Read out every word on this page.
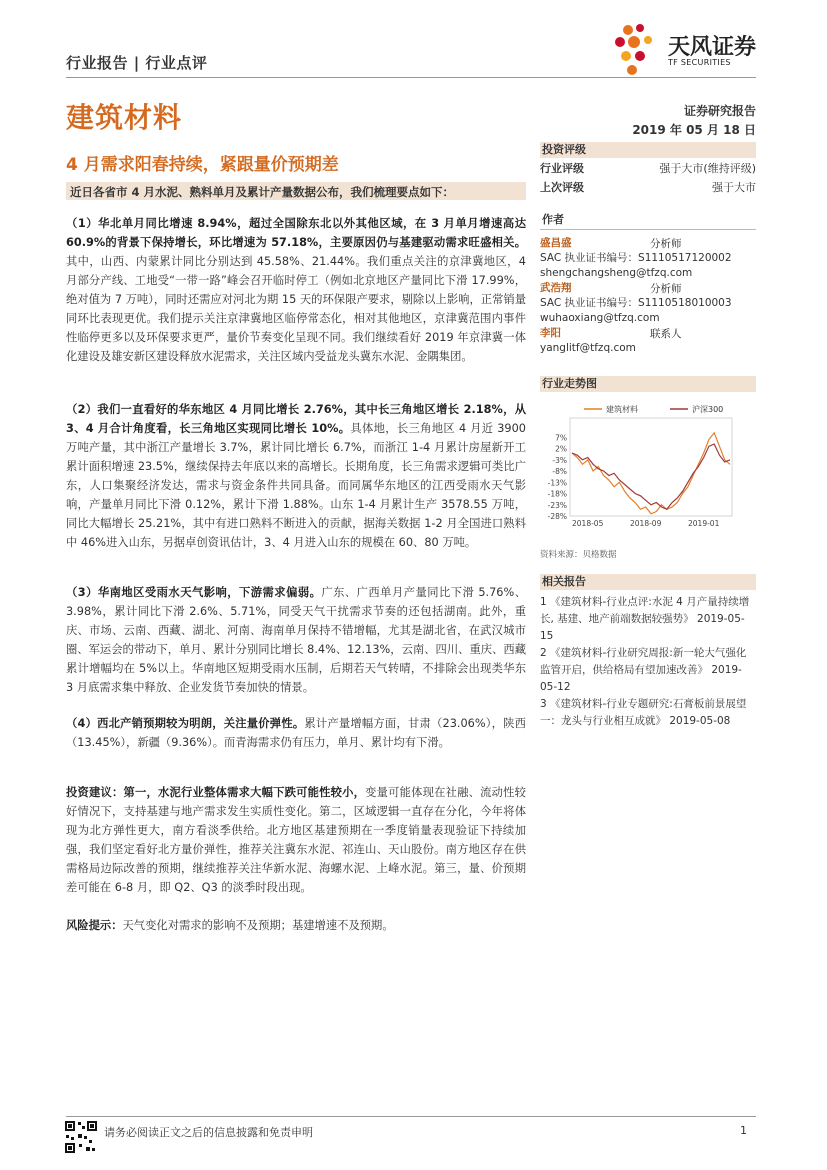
行业报告 | 行业点评
建筑材料
天风证券
TF SECURITIES
证券研究报告
2019 年 05 月 18 日
4 月需求阳春持续，紧跟量价预期差
近日各省市 4 月水泥、熟料单月及累计产量数据公布，我们梳理要点如下：
（1）华北单月同比增速 8.94%，超过全国除东北以外其他区域，在 3 月单月增速高达 60.9%的背景下保持增长，环比增速为 57.18%，主要原因仍与基建驱动需求旺盛相关。其中，山西、内蒙累计同比分别达到 45.58%、21.44%。我们重点关注的京津冀地区，4 月部分产线、工地受“一带一路”峰会召开临时停工（例如北京地区产量同比下滑 17.99%，绝对值为 7 万吨），同时还需应对河北为期 15 天的环保限产要求，剔除以上影响，正常销量同环比表现更优。我们提示关注京津冀地区临停常态化，相对其他地区，京津冀范围内事件性临停更多以及环保要求更严，量价节奏变化呈现不同。我们继续看好 2019 年京津冀一体化建设及雄安新区建设释放水泥需求，关注区域内受益龙头冀东水泥、金隅集团。
（2）我们一直看好的华东地区 4 月同比增长 2.76%，其中长三角地区增长 2.18%，从 3、4 月合计角度看，长三角地区实现同比增长 10%。具体地，长三角地区 4 月近 3900 万吨产量，其中浙江产量增长 3.7%，累计同比增长 6.7%，而浙江 1-4 月累计房屋新开工累计面积增速 23.5%，继续保持去年底以来的高增长。长期角度，长三角需求逻辑可类比广东，人口集聚经济发达，需求与资金条件共同具备。而同属华东地区的江西受雨水天气影响，产量单月同比下滑 0.12%，累计下滑 1.88%。山东 1-4 月累计生产 3578.55 万吨，同比大幅增长 25.21%，其中有进口熟料不断进入的贡献，据海关数据 1-2 月全国进口熟料中 46%进入山东，另据卓创资讯估计，3、4 月进入山东的规模在 60、80 万吨。
（3）华南地区受雨水天气影响，下游需求偏弱。广东、广西单月产量同比下滑 5.76%、3.98%，累计同比下滑 2.6%、5.71%，同受天气干扰需求节奏的还包括湖南。此外，重庆、市场、云南、西藏、湖北、河南、海南单月保持不错增幅，尤其是湖北省，在武汉城市圈、军运会的带动下，单月、累计分别同比增长 8.4%、12.13%，云南、四川、重庆、西藏累计增幅均在 5%以上。华南地区短期受雨水压制，后期若天气转晴，不排除会出现类华东 3 月底需求集中释放、企业发货节奏加快的情景。
（4）西北产销预期较为明朗，关注量价弹性。累计产量增幅方面，甘肃（23.06%），陕西（13.45%），新疆（9.36%）。而青海需求仍有压力，单月、累计均有下滑。
投资建议：第一，水泥行业整体需求大幅下跌可能性较小，变量可能体现在社融、流动性较好情况下，支持基建与地产需求发生实质性变化。第二，区域逻辑一直存在分化，今年将体现为北方弹性更大，南方看淡季供给。北方地区基建预期在一季度销量表现验证下持续加强，我们坚定看好北方量价弹性，推荐关注冀东水泥、祁连山、天山股份。南方地区存在供需格局边际改善的预期，继续推荐关注华新水泥、海螺水泥、上峰水泥。第三，量、价预期差可能在 6-8 月，即 Q2、Q3 的淡季时段出现。
风险提示：天气变化对需求的影响不及预期；基建增速不及预期。
投资评级
行业评级	强于大市(维持评级)
上次评级	强于大市
作者
盛昌盛
SAC 执业证书编号：S1110517120002
shengchangsheng@tfzq.com
分析师
武浩翔
SAC 执业证书编号：S1110518010003
wuhaoxiang@tfzq.com
分析师
李阳
yanglitf@tfzq.com
联系人
行业走势图
7%
2%
-3%
-8%
-13%
-18%
-23%
-28%
2018-05	2018-09	2019-01
建筑材料	沪深300
资料来源：贝格数据
相关报告
1 《建筑材料-行业点评:水泥 4 月产量持续增长, 基建、地产前端数据较强势》 2019-05-15
2 《建筑材料-行业研究周报:新一轮大气强化监管开启，供给格局有望加速改善》 2019-05-12
3 《建筑材料-行业专题研究:石膏板前景展望一：龙头与行业相互成就》 2019-05-08
请务必阅读正文之后的信息披露和免责申明	1
